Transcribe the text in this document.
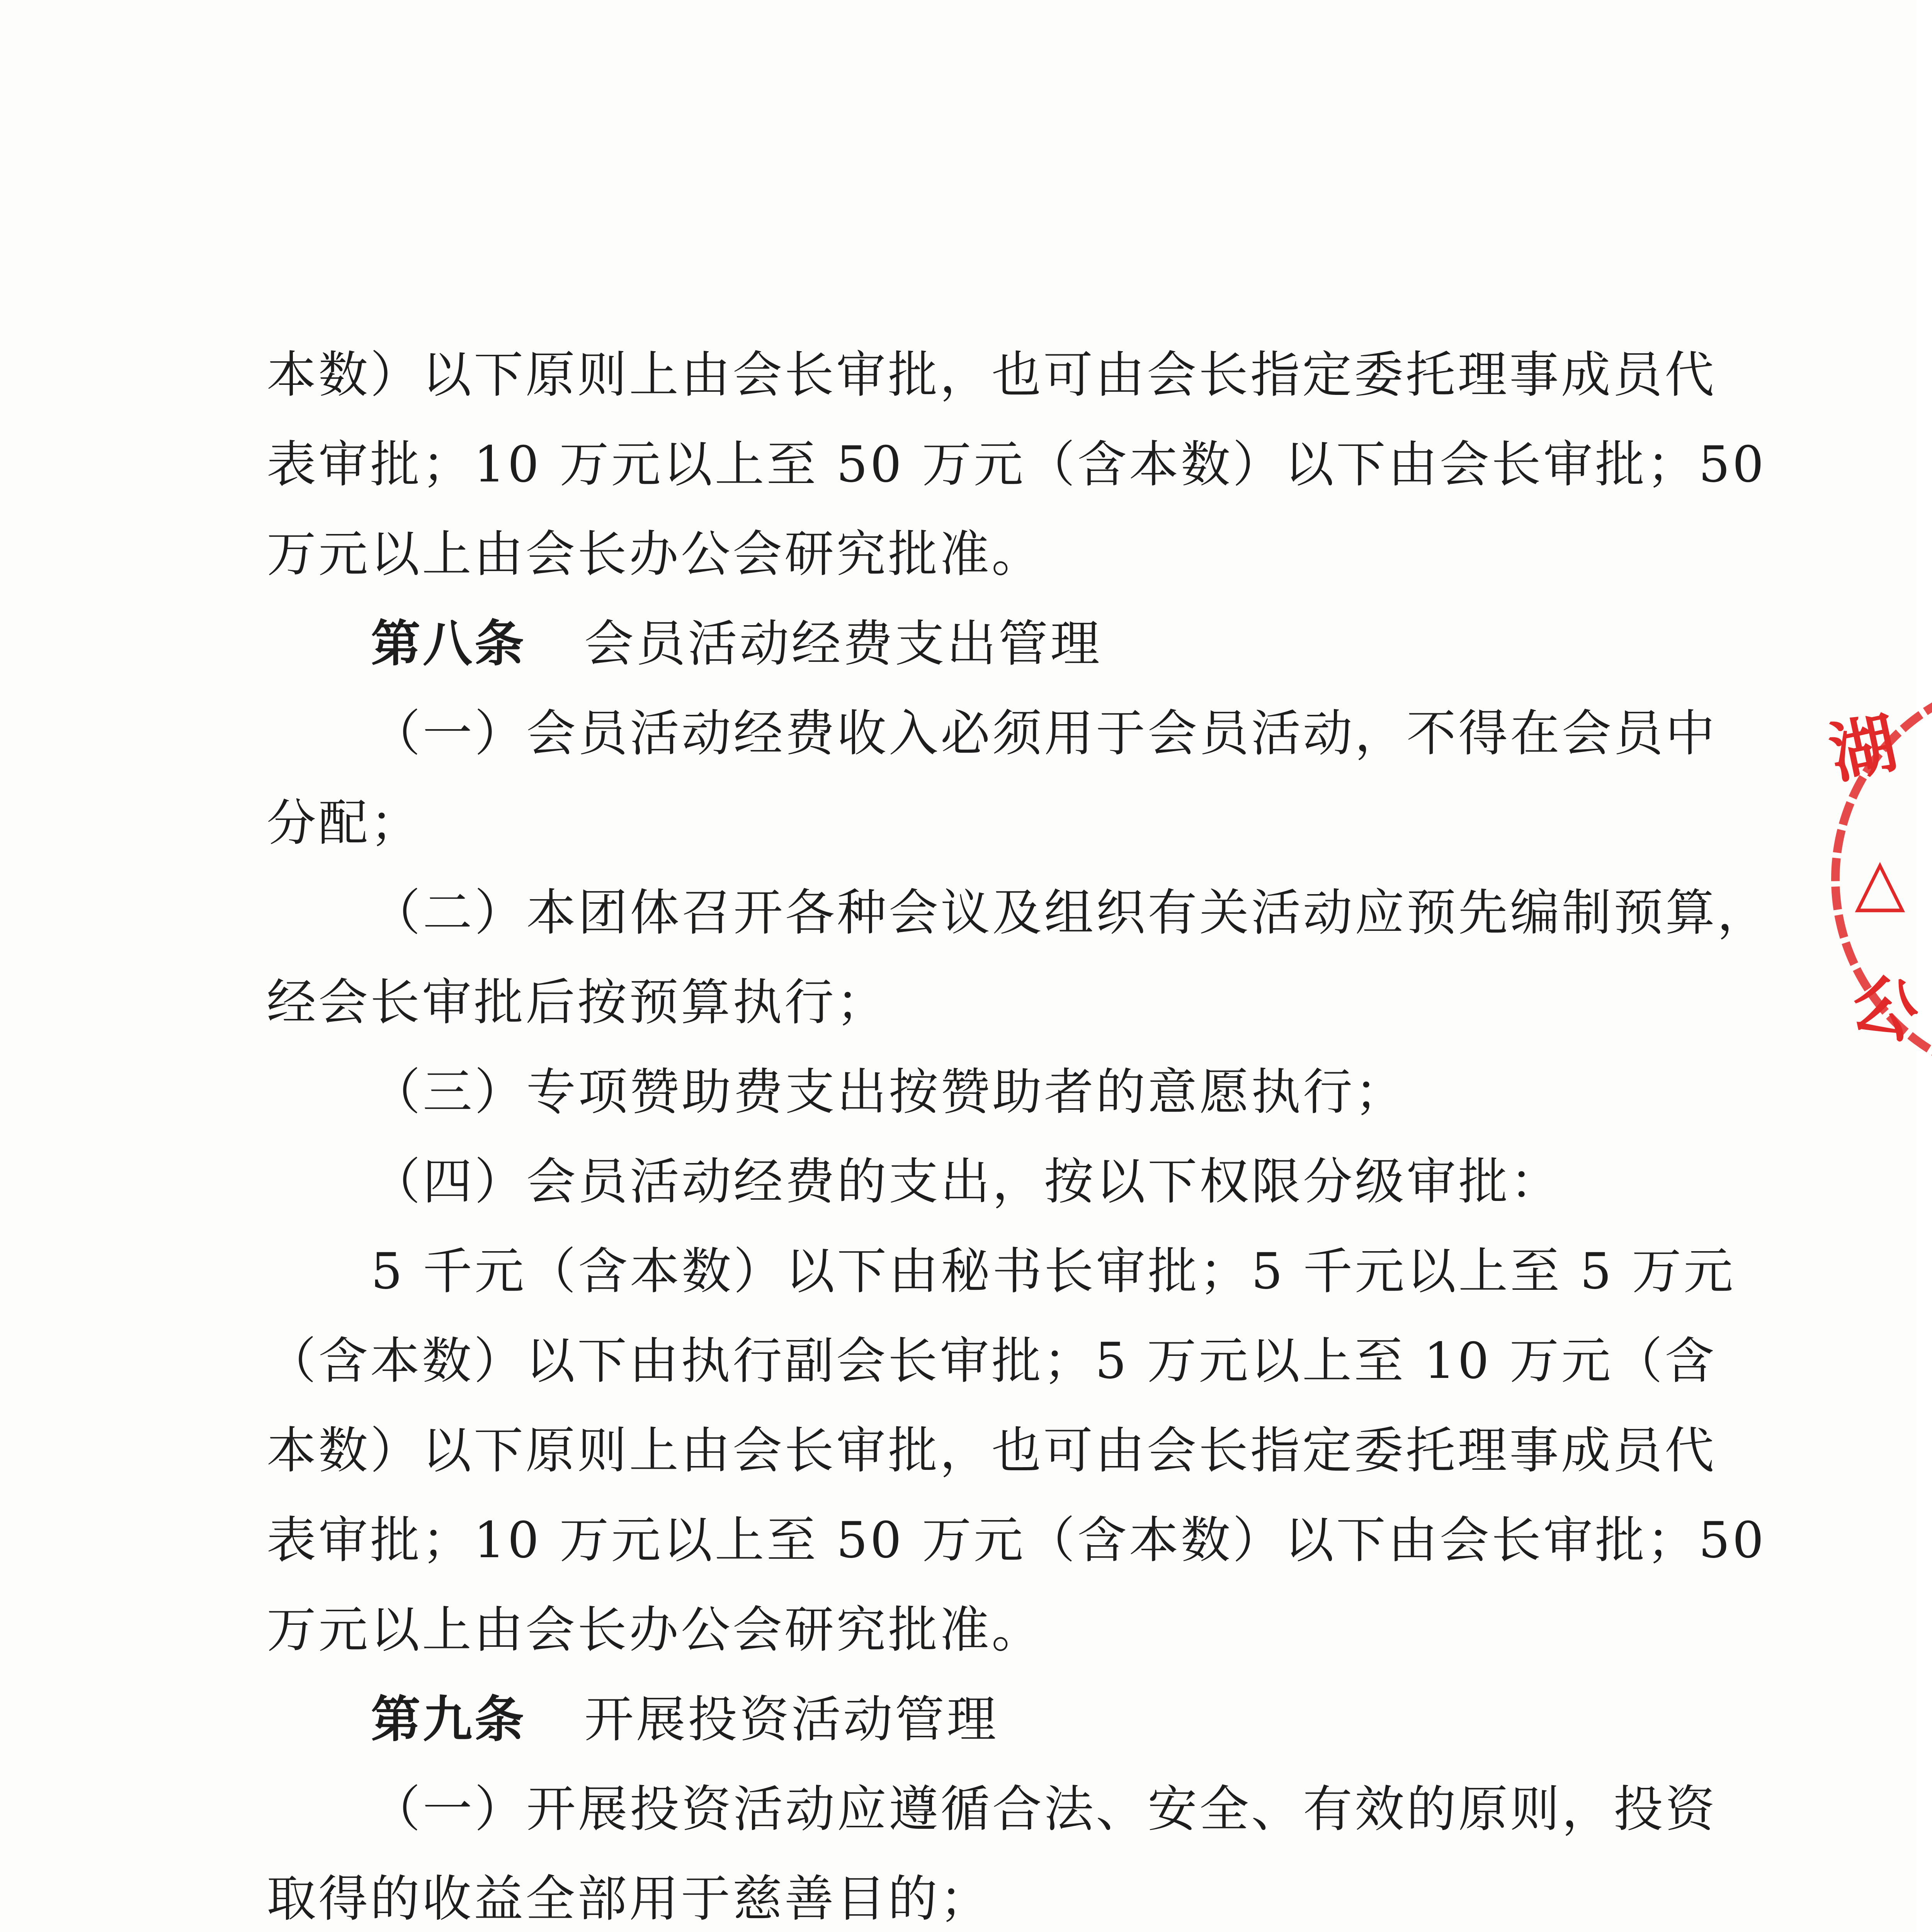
本数）以下原则上由会长审批，也可由会长指定委托理事成员代
表审批；10 万元以上至 50 万元（含本数）以下由会长审批；50
万元以上由会长办公会研究批准。
第八条 会员活动经费支出管理
（一）会员活动经费收入必须用于会员活动，不得在会员中
分配；
（二）本团体召开各种会议及组织有关活动应预先编制预算，
经会长审批后按预算执行；
（三）专项赞助费支出按赞助者的意愿执行；
（四）会员活动经费的支出，按以下权限分级审批：
5 千元（含本数）以下由秘书长审批；5 千元以上至 5 万元
（含本数）以下由执行副会长审批；5 万元以上至 10 万元（含
本数）以下原则上由会长审批，也可由会长指定委托理事成员代
表审批；10 万元以上至 50 万元（含本数）以下由会长审批；50
万元以上由会长办公会研究批准。
第九条 开展投资活动管理
（一）开展投资活动应遵循合法、安全、有效的原则，投资
取得的收益全部用于慈善目的；
湖
△
公
